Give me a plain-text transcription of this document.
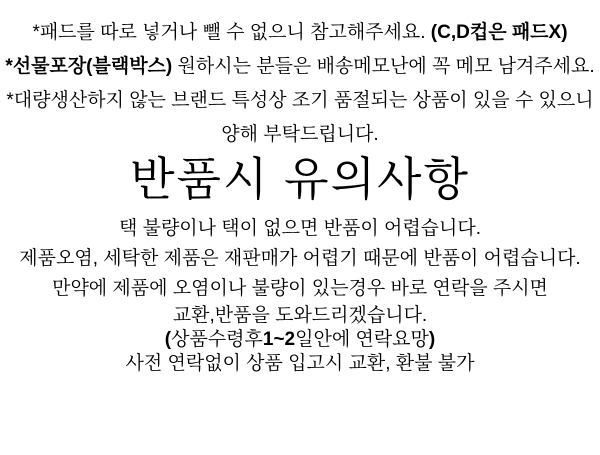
*패드를 따로 넣거나 뺄 수 없으니 참고해주세요. (C,D컵은 패드X)

*선물포장(블랙박스) 원하시는 분들은 배송메모난에 꼭 메모 남겨주세요.

*대량생산하지 않는 브랜드 특성상 조기 품절되는 상품이 있을 수 있으니

양해 부탁드립니다.

반품시 유의사항

택 불량이나 택이 없으면 반품이 어렵습니다.

제품오염, 세탁한 제품은 재판매가 어렵기 때문에 반품이 어렵습니다.

만약에 제품에 오염이나 불량이 있는경우 바로 연락을 주시면

교환,반품을 도와드리겠습니다.

(상품수령후1~2일안에 연락요망)

사전 연락없이 상품 입고시 교환, 환불 불가
